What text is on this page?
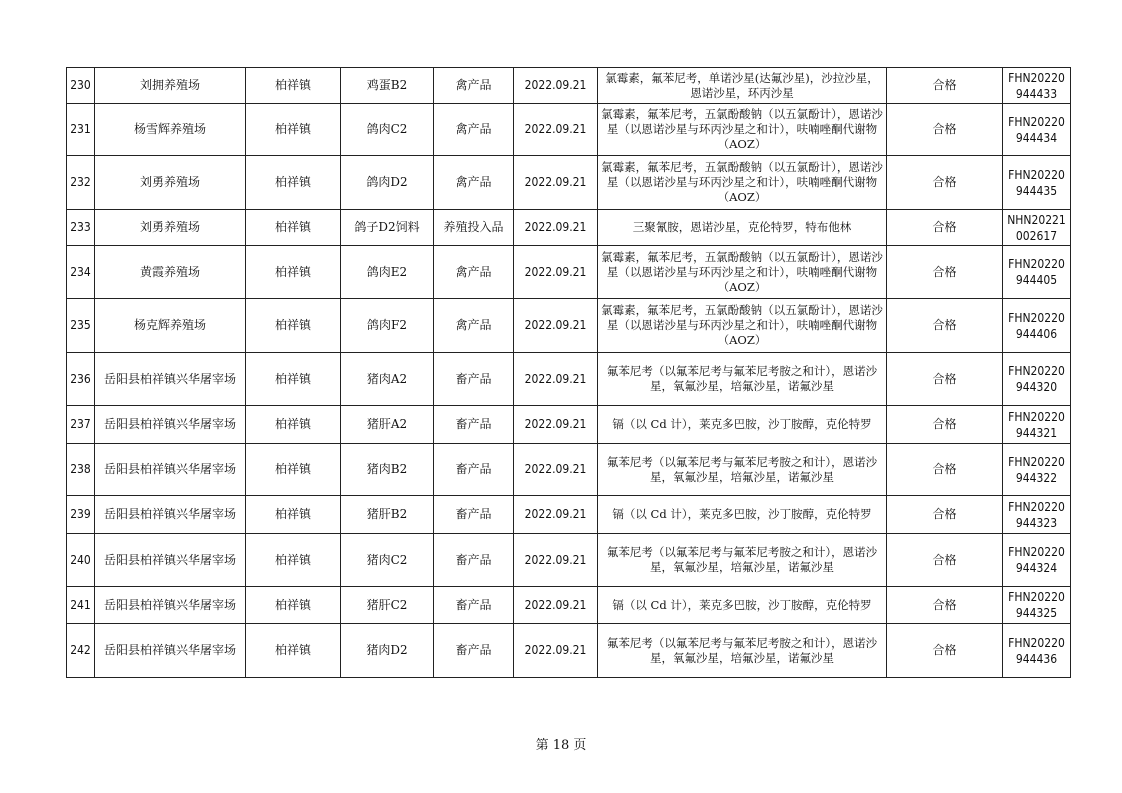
230	刘拥养殖场	柏祥镇	鸡蛋B2	禽产品	2022.09.21	氯霉素，氟苯尼考，单诺沙星(达氟沙星)，沙拉沙星，恩诺沙星，环丙沙星	合格	FHN20220
944433

231	杨雪辉养殖场	柏祥镇	鸽肉C2	禽产品	2022.09.21	氯霉素，氟苯尼考，五氯酚酸钠（以五氯酚计），恩诺沙星（以恩诺沙星与环丙沙星之和计），呋喃唑酮代谢物（AOZ）	合格	FHN20220
944434

232	刘勇养殖场	柏祥镇	鸽肉D2	禽产品	2022.09.21	氯霉素，氟苯尼考，五氯酚酸钠（以五氯酚计），恩诺沙星（以恩诺沙星与环丙沙星之和计），呋喃唑酮代谢物（AOZ）	合格	FHN20220
944435

233	刘勇养殖场	柏祥镇	鸽子D2饲料	养殖投入品	2022.09.21	三聚氰胺，恩诺沙星，克伦特罗，特布他林	合格	NHN20221
002617

234	黄霞养殖场	柏祥镇	鸽肉E2	禽产品	2022.09.21	氯霉素，氟苯尼考，五氯酚酸钠（以五氯酚计），恩诺沙星（以恩诺沙星与环丙沙星之和计），呋喃唑酮代谢物（AOZ）	合格	FHN20220
944405

235	杨克辉养殖场	柏祥镇	鸽肉F2	禽产品	2022.09.21	氯霉素，氟苯尼考，五氯酚酸钠（以五氯酚计），恩诺沙星（以恩诺沙星与环丙沙星之和计），呋喃唑酮代谢物（AOZ）	合格	FHN20220
944406

236	岳阳县柏祥镇兴华屠宰场	柏祥镇	猪肉A2	畜产品	2022.09.21	氟苯尼考（以氟苯尼考与氟苯尼考胺之和计），恩诺沙星，氧氟沙星，培氟沙星，诺氟沙星	合格	FHN20220
944320

237	岳阳县柏祥镇兴华屠宰场	柏祥镇	猪肝A2	畜产品	2022.09.21	镉（以 Cd 计），莱克多巴胺，沙丁胺醇，克伦特罗	合格	FHN20220
944321

238	岳阳县柏祥镇兴华屠宰场	柏祥镇	猪肉B2	畜产品	2022.09.21	氟苯尼考（以氟苯尼考与氟苯尼考胺之和计），恩诺沙星，氧氟沙星，培氟沙星，诺氟沙星	合格	FHN20220
944322

239	岳阳县柏祥镇兴华屠宰场	柏祥镇	猪肝B2	畜产品	2022.09.21	镉（以 Cd 计），莱克多巴胺，沙丁胺醇，克伦特罗	合格	FHN20220
944323

240	岳阳县柏祥镇兴华屠宰场	柏祥镇	猪肉C2	畜产品	2022.09.21	氟苯尼考（以氟苯尼考与氟苯尼考胺之和计），恩诺沙星，氧氟沙星，培氟沙星，诺氟沙星	合格	FHN20220
944324

241	岳阳县柏祥镇兴华屠宰场	柏祥镇	猪肝C2	畜产品	2022.09.21	镉（以 Cd 计），莱克多巴胺，沙丁胺醇，克伦特罗	合格	FHN20220
944325

242	岳阳县柏祥镇兴华屠宰场	柏祥镇	猪肉D2	畜产品	2022.09.21	氟苯尼考（以氟苯尼考与氟苯尼考胺之和计），恩诺沙星，氧氟沙星，培氟沙星，诺氟沙星	合格	FHN20220
944436
第 18 页
